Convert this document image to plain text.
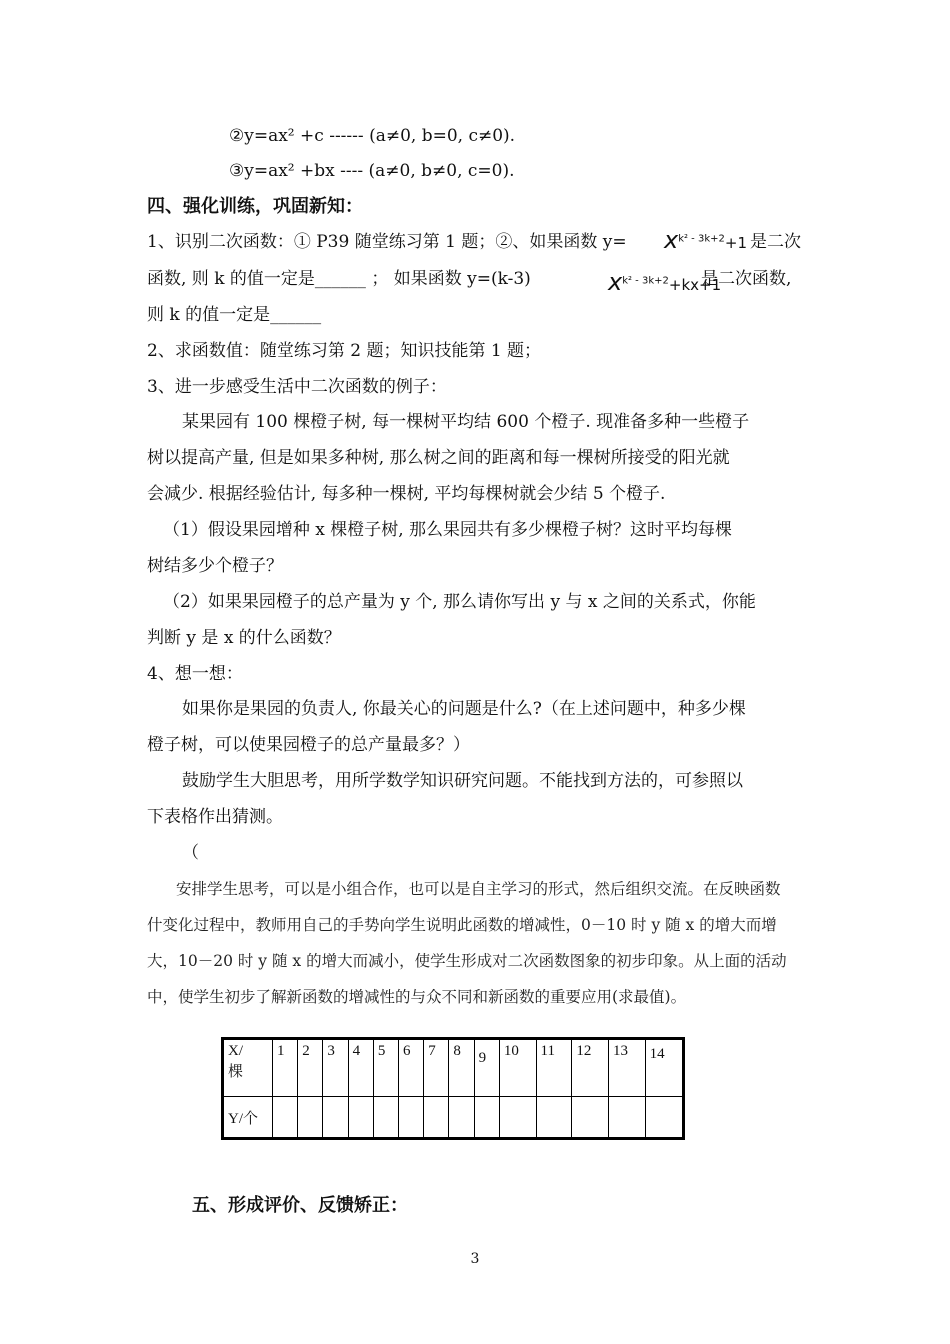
②y=ax² +c ------ (a≠0, b=0, c≠0).
③y=ax² +bx ---- (a≠0, b≠0, c=0).
四、强化训练，巩固新知：
1、识别二次函数：① P39 随堂练习第 1 题；②、如果函数 $y= x^{k^2 - 3k+2}+1$ 是二次
函数, 则 k 的值一定是______ ； 如果函数 y=(k-3)	$x^{k^2 - 3k+2}+kx+1$
是二次函数,
则 k 的值一定是______
2、求函数值：随堂练习第 2 题；知识技能第 1 题；
3、进一步感受生活中二次函数的例子：
某果园有 100 棵橙子树, 每一棵树平均结 600 个橙子. 现准备多种一些橙子
树以提高产量, 但是如果多种树, 那么树之间的距离和每一棵树所接受的阳光就
会减少. 根据经验估计, 每多种一棵树, 平均每棵树就会少结 5 个橙子.
（1）假设果园增种 x 棵橙子树, 那么果园共有多少棵橙子树？这时平均每棵
树结多少个橙子？
（2）如果果园橙子的总产量为 y 个, 那么请你写出 y 与 x 之间的关系式，你能
判断 y 是 x 的什么函数？
4、想一想：
如果你是果园的负责人, 你最关心的问题是什么?（在上述问题中，种多少棵
橙子树，可以使果园橙子的总产量最多？）
鼓励学生大胆思考，用所学数学知识研究问题。不能找到方法的，可参照以
下表格作出猜测。
（
安排学生思考，可以是小组合作，也可以是自主学习的形式，然后组织交流。在反映函数
什变化过程中，教师用自己的手势向学生说明此函数的增减性，0－10 时 y 随 x 的增大而增
大，10－20 时 y 随 x 的增大而减小，使学生形成对二次函数图象的初步印象。从上面的活动
中，使学生初步了解新函数的增减性的与众不同和新函数的重要应用(求最值)。
X/
棵	1	2	3	4	5	6	7	8	9	10	11	12	13	14
Y/个														
五、形成评价、反馈矫正：
3
